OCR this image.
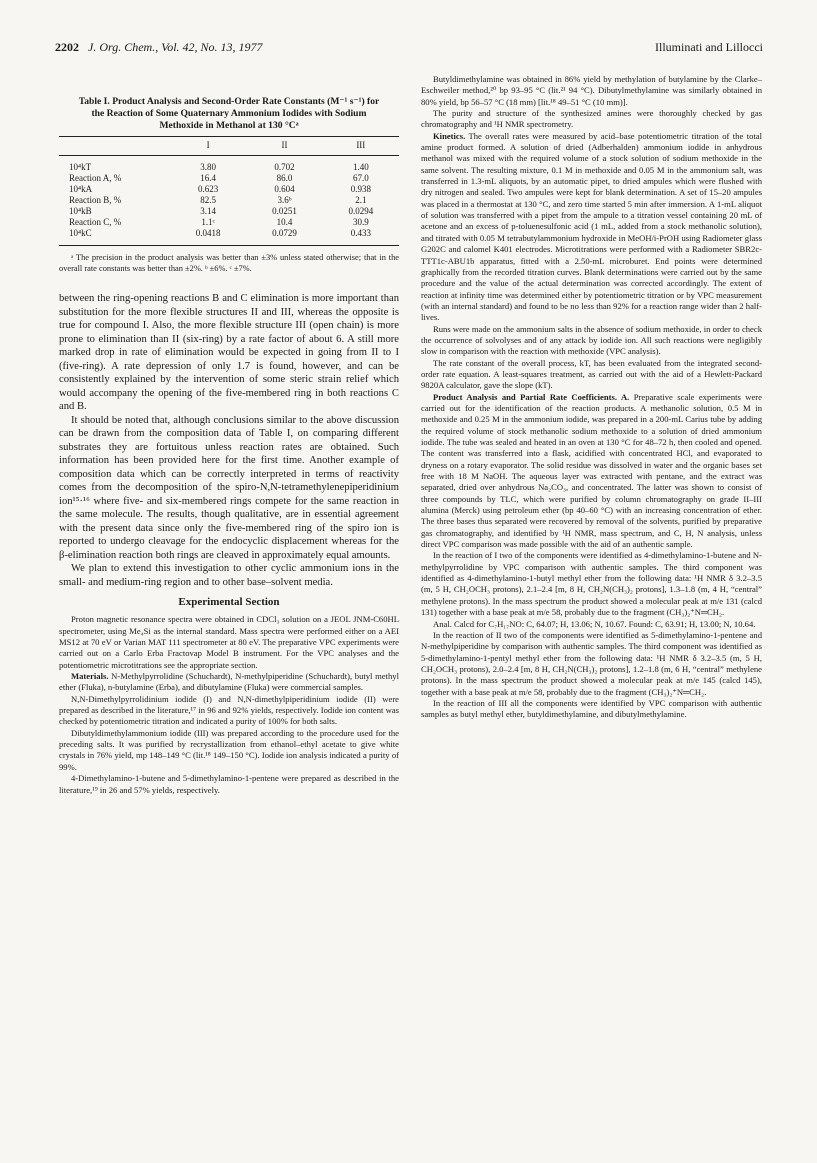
2202 J. Org. Chem., Vol. 42, No. 13, 1977	Illuminati and Lillocci
Table I. Product Analysis and Second-Order Rate Constants (M⁻¹ s⁻¹) for the Reaction of Some Quaternary Ammonium Iodides with Sodium Methoxide in Methanol at 130 °Cᵃ
	I	II	III
10⁴kT	3.80	0.702	1.40
Reaction A, %	16.4	86.0	67.0
10⁴kA	0.623	0.604	0.938
Reaction B, %	82.5	3.6ᵇ	2.1
10⁴kB	3.14	0.0251	0.0294
Reaction C, %	1.1ᶜ	10.4	30.9
10⁴kC	0.0418	0.0729	0.433
ᵃ The precision in the product analysis was better than ±3% unless stated otherwise; that in the overall rate constants was better than ±2%. ᵇ ±6%. ᶜ ±7%.

between the ring-opening reactions B and C elimination is more important than substitution for the more flexible structures II and III, whereas the opposite is true for compound I. Also, the more flexible structure III (open chain) is more prone to elimination than II (six-ring) by a rate factor of about 6. A still more marked drop in rate of elimination would be expected in going from II to I (five-ring). A rate depression of only 1.7 is found, however, and can be consistently explained by the intervention of some steric strain relief which would accompany the opening of the five-membered ring in both reactions C and B.

It should be noted that, although conclusions similar to the above discussion can be drawn from the composition data of Table I, on comparing different substrates they are fortuitous unless reaction rates are obtained. Such information has been provided here for the first time. Another example of composition data which can be correctly interpreted in terms of reactivity comes from the decomposition of the spiro-N,N-tetramethylenepiperidinium ion¹⁵·¹⁶ where five- and six-membered rings compete for the same reaction in the same molecule. The results, though qualitative, are in essential agreement with the present data since only the five-membered ring of the spiro ion is reported to undergo cleavage for the endocyclic displacement whereas for the β-elimination reaction both rings are cleaved in approximately equal amounts.

We plan to extend this investigation to other cyclic ammonium ions in the small- and medium-ring region and to other base–solvent media.

Experimental Section

Proton magnetic resonance spectra were obtained in CDCl₃ solution on a JEOL JNM-C60HL spectrometer, using Me₄Si as the internal standard. Mass spectra were performed either on a AEI MS12 at 70 eV or Varian MAT 111 spectrometer at 80 eV. The preparative VPC experiments were carried out on a Carlo Erba Fractovap Model B instrument. For the VPC analyses and the potentiometric microtitrations see the appropriate section.

Materials. N-Methylpyrrolidine (Schuchardt), N-methylpiperidine (Schuchardt), butyl methyl ether (Fluka), n-butylamine (Erba), and dibutylamine (Fluka) were commercial samples.

N,N-Dimethylpyrrolidinium iodide (I) and N,N-dimethylpiperidinium iodide (II) were prepared as described in the literature,¹⁷ in 96 and 92% yields, respectively. Iodide ion content was checked by potentiometric titration and indicated a purity of 100% for both salts.

Dibutyldimethylammonium iodide (III) was prepared according to the procedure used for the preceding salts. It was purified by recrystallization from ethanol–ethyl acetate to give white crystals in 76% yield, mp 148–149 °C (lit.¹⁸ 149–150 °C). Iodide ion analysis indicated a purity of 99%.

4-Dimethylamino-1-butene and 5-dimethylamino-1-pentene were prepared as described in the literature,¹⁹ in 26 and 57% yields, respectively.

Butyldimethylamine was obtained in 86% yield by methylation of butylamine by the Clarke–Eschweiler method,²⁰ bp 93–95 °C (lit.²¹ 94 °C). Dibutylmethylamine was similarly obtained in 80% yield, bp 56–57 °C (18 mm) [lit.¹⁸ 49–51 °C (10 mm)].

The purity and structure of the synthesized amines were thoroughly checked by gas chromatography and ¹H NMR spectrometry.

Kinetics. The overall rates were measured by acid–base potentiometric titration of the total amine product formed. A solution of dried (Adberhalden) ammonium iodide in anhydrous methanol was mixed with the required volume of a stock solution of sodium methoxide in the same solvent. The resulting mixture, 0.1 M in methoxide and 0.05 M in the ammonium salt, was transferred in 1.3-mL aliquots, by an automatic pipet, to dried ampules which were flushed with dry nitrogen and sealed. Two ampules were kept for blank determination. A set of 15–20 ampules was placed in a thermostat at 130 °C, and zero time started 5 min after immersion. A 1-mL aliquot of solution was transferred with a pipet from the ampule to a titration vessel containing 20 mL of acetone and an excess of p-toluenesulfonic acid (1 mL, added from a stock methanolic solution), and titrated with 0.05 M tetrabutylammonium hydroxide in MeOH/i-PrOH using Radiometer glass G202C and calomel K401 electrodes. Microtitrations were performed with a Radiometer SBR2c-TTT1c-ABU1b apparatus, fitted with a 2.50-mL microburet. End points were determined graphically from the recorded titration curves. Blank determinations were carried out by the same procedure and the value of the actual determination was corrected accordingly. The extent of reaction at infinity time was determined either by potentiometric titration or by VPC measurement (with an internal standard) and found to be no less than 92% for a reaction range wider than 2 half-lives.

Runs were made on the ammonium salts in the absence of sodium methoxide, in order to check the occurrence of solvolyses and of any attack by iodide ion. All such reactions were negligibly slow in comparison with the reaction with methoxide (VPC analysis).

The rate constant of the overall process, kT, has been evaluated from the integrated second-order rate equation. A least-squares treatment, as carried out with the aid of a Hewlett-Packard 9820A calculator, gave the slope (kT).

Product Analysis and Partial Rate Coefficients. A. Preparative scale experiments were carried out for the identification of the reaction products. A methanolic solution, 0.5 M in methoxide and 0.25 M in the ammonium iodide, was prepared in a 200-mL Carius tube by adding the required volume of stock methanolic sodium methoxide to a solution of dried ammonium iodide. The tube was sealed and heated in an oven at 130 °C for 48–72 h, then cooled and opened. The content was transferred into a flask, acidified with concentrated HCl, and evaporated to dryness on a rotary evaporator. The solid residue was dissolved in water and the organic bases set free with 18 M NaOH. The aqueous layer was extracted with pentane, and the extract was separated, dried over anhydrous Na₂CO₃, and concentrated. The latter was shown to consist of three compounds by TLC, which were purified by column chromatography on grade II–III alumina (Merck) using petroleum ether (bp 40–60 °C) with an increasing concentration of ether. The three bases thus separated were recovered by removal of the solvents, purified by preparative gas chromatography, and identified by ¹H NMR, mass spectrum, and C, H, N analysis, unless direct VPC comparison was made possible with the aid of an authentic sample.

In the reaction of I two of the components were identified as 4-dimethylamino-1-butene and N-methylpyrrolidine by VPC comparison with authentic samples. The third component was identified as 4-dimethylamino-1-butyl methyl ether from the following data: ¹H NMR δ 3.2–3.5 (m, 5 H, CH₂OCH₃ protons), 2.1–2.4 [m, 8 H, CH₂N(CH₃)₂ protons], 1.3–1.8 (m, 4 H, “central” methylene protons). In the mass spectrum the product showed a molecular peak at m/e 131 (calcd 131) together with a base peak at m/e 58, probably due to the fragment (CH₃)₂⁺N═CH₂.

Anal. Calcd for C₇H₁₇NO: C, 64.07; H, 13.06; N, 10.67. Found: C, 63.91; H, 13.00; N, 10.64.

In the reaction of II two of the components were identified as 5-dimethylamino-1-pentene and N-methylpiperidine by comparison with authentic samples. The third component was identified as 5-dimethylamino-1-pentyl methyl ether from the following data: ¹H NMR δ 3.2–3.5 (m, 5 H, CH₂OCH₃ protons), 2.0–2.4 [m, 8 H, CH₂N(CH₃)₂ protons], 1.2–1.8 (m, 6 H, “central” methylene protons). In the mass spectrum the product showed a molecular peak at m/e 145 (calcd 145), together with a base peak at m/e 58, probably due to the fragment (CH₃)₂⁺N═CH₂.

In the reaction of III all the components were identified by VPC comparison with authentic samples as butyl methyl ether, butyldimethylamine, and dibutylmethylamine.
